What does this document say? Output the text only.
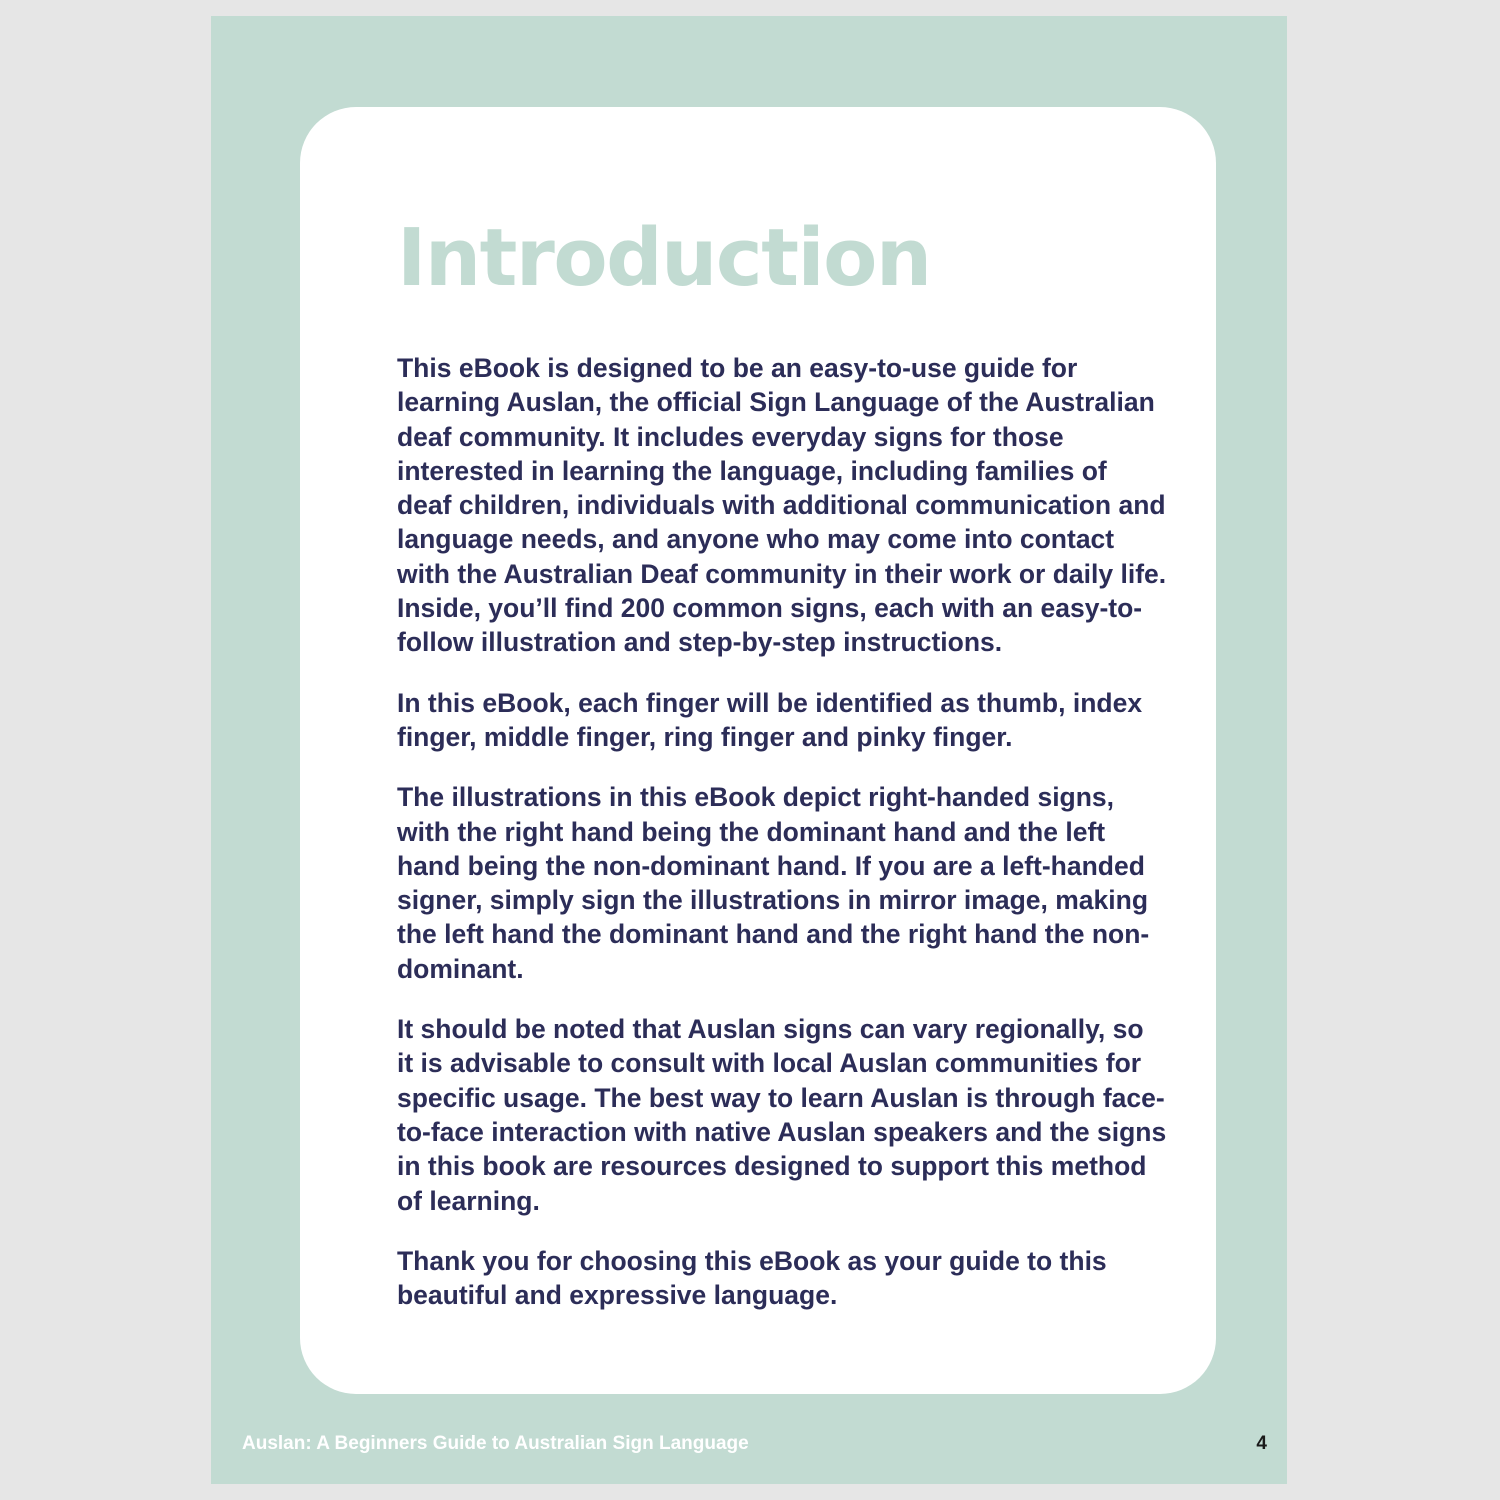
Introduction

This eBook is designed to be an easy-to-use guide for learning Auslan, the official Sign Language of the Australian deaf community. It includes everyday signs for those interested in learning the language, including families of deaf children, individuals with additional communication and language needs, and anyone who may come into contact with the Australian Deaf community in their work or daily life. Inside, you’ll find 200 common signs, each with an easy-to-follow illustration and step-by-step instructions.

In this eBook, each finger will be identified as thumb, index finger, middle finger, ring finger and pinky finger.

The illustrations in this eBook depict right-handed signs, with the right hand being the dominant hand and the left hand being the non-dominant hand. If you are a left-handed signer, simply sign the illustrations in mirror image, making the left hand the dominant hand and the right hand the non-dominant.

It should be noted that Auslan signs can vary regionally, so it is advisable to consult with local Auslan communities for specific usage. The best way to learn Auslan is through face-to-face interaction with native Auslan speakers and the signs in this book are resources designed to support this method of learning.

Thank you for choosing this eBook as your guide to this beautiful and expressive language.

Auslan: A Beginners Guide to Australian Sign Language	4
